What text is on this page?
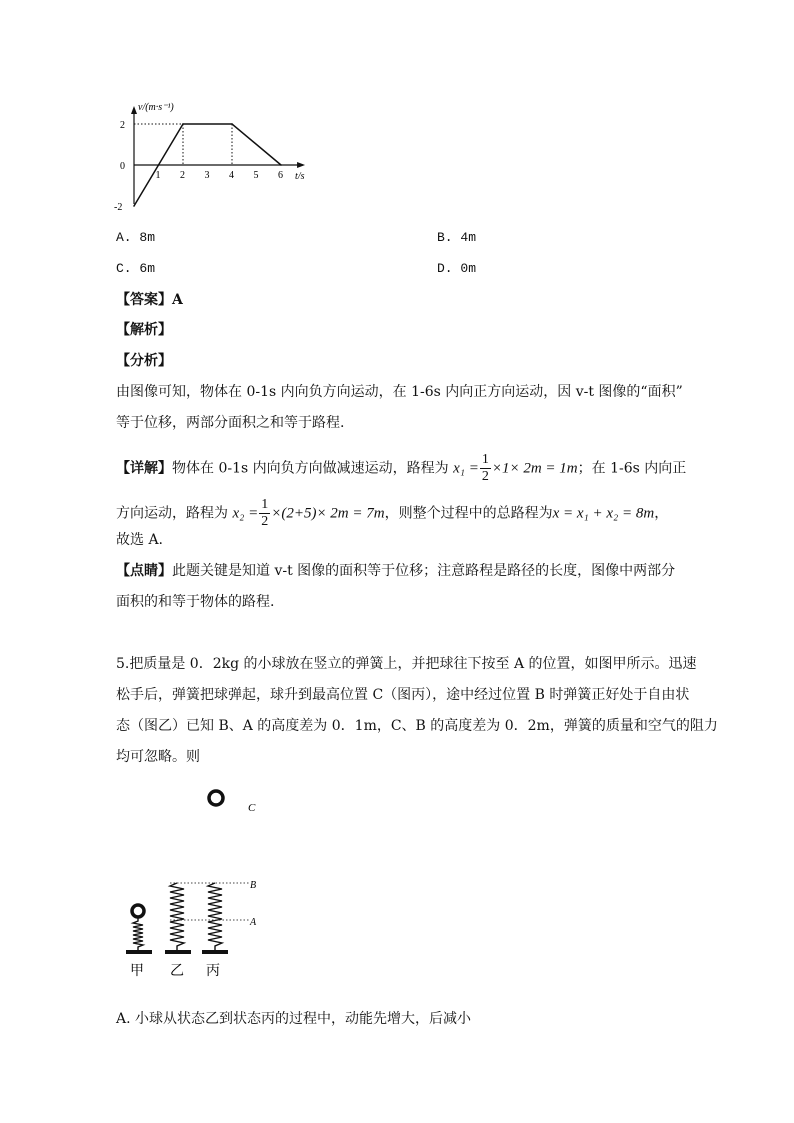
1 2 3 4 5 6
2
0
-2
v/(m·s⁻¹)
t/s
A. 8m	B. 4m
C. 6m	D. 0m
【答案】A
【解析】
【分析】
由图像可知，物体在 0-1s 内向负方向运动，在 1-6s 内向正方向运动，因 v-t 图像的“面积”
等于位移，两部分面积之和等于路程.
【详解】物体在 0-1s 内向负方向做减速运动，路程为 $x_1 = \frac{1}{2} \times 1\times 2m = 1m$；在 1-6s 内向正
方向运动，路程为 $x_2 = \frac{1}{2} \times(2+5)\times 2m = 7m$，则整个过程中的总路程为x = x₁ + x₂ = 8m，
故选 A.
【点睛】此题关键是知道 v-t 图像的面积等于位移；注意路程是路径的长度，图像中两部分
面积的和等于物体的路程.
5.把质量是 0．2kg 的小球放在竖立的弹簧上，并把球往下按至 A 的位置，如图甲所示。迅速
松手后，弹簧把球弹起，球升到最高位置 C（图丙），途中经过位置 B 时弹簧正好处于自由状
态（图乙）已知 B、A 的高度差为 0．1m，C、B 的高度差为 0．2m，弹簧的质量和空气的阻力
均可忽略。则
C
B
A
甲 乙 丙
A. 小球从状态乙到状态丙的过程中，动能先增大，后减小
